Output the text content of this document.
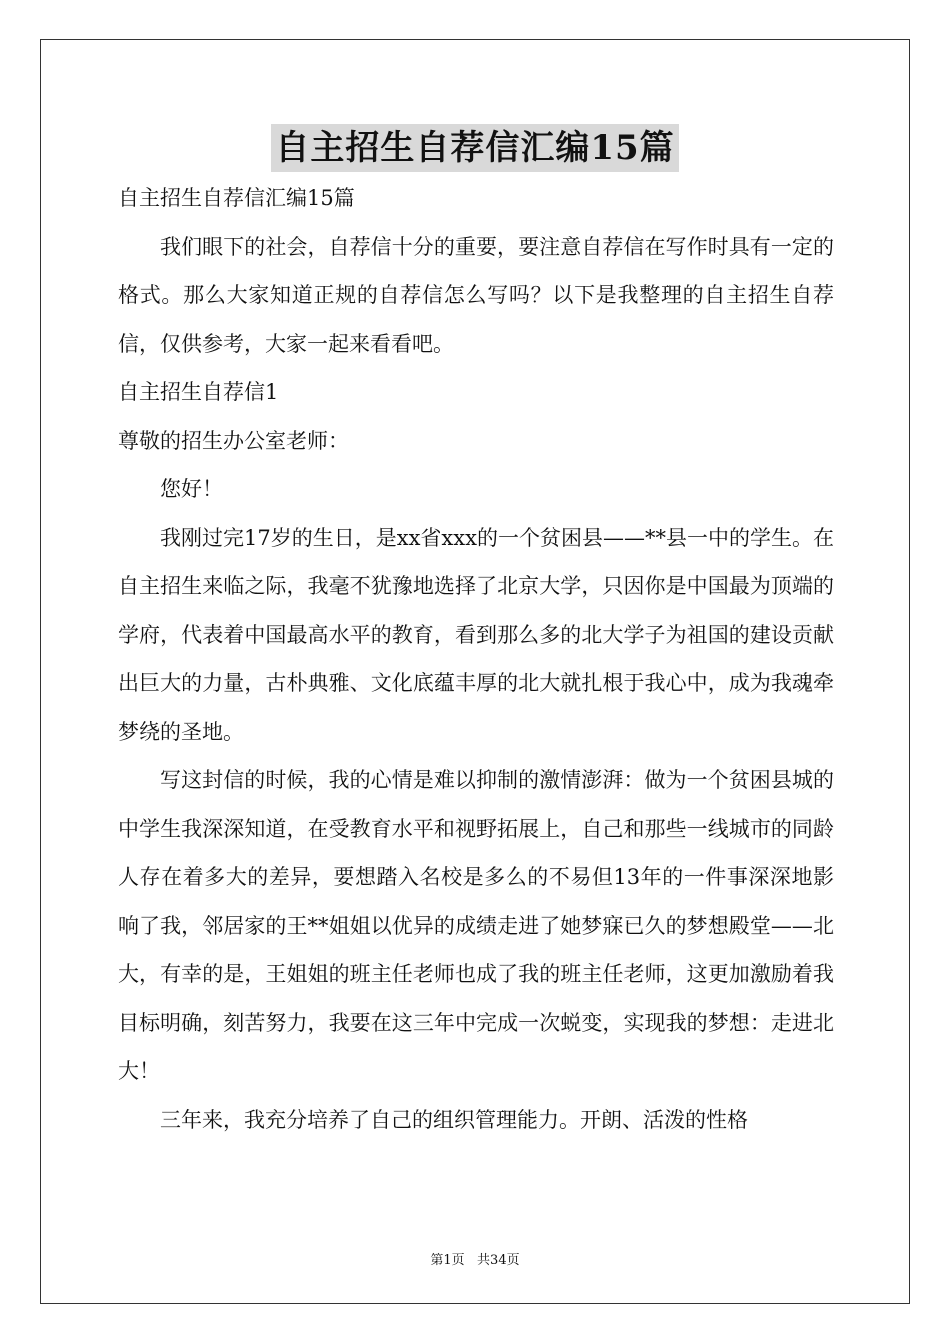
自主招生自荐信汇编15篇

自主招生自荐信汇编15篇

我们眼下的社会，自荐信十分的重要，要注意自荐信在写作时具有一定的格式。那么大家知道正规的自荐信怎么写吗？以下是我整理的自主招生自荐信，仅供参考，大家一起来看看吧。

自主招生自荐信1

尊敬的招生办公室老师：

您好！

我刚过完17岁的生日，是xx省xxx的一个贫困县——**县一中的学生。在自主招生来临之际，我毫不犹豫地选择了北京大学，只因你是中国最为顶端的学府，代表着中国最高水平的教育，看到那么多的北大学子为祖国的建设贡献出巨大的力量，古朴典雅、文化底蕴丰厚的北大就扎根于我心中，成为我魂牵梦绕的圣地。

写这封信的时候，我的心情是难以抑制的激情澎湃：做为一个贫困县城的中学生我深深知道，在受教育水平和视野拓展上，自己和那些一线城市的同龄人存在着多大的差异，要想踏入名校是多么的不易但13年的一件事深深地影响了我，邻居家的王**姐姐以优异的成绩走进了她梦寐已久的梦想殿堂——北大，有幸的是，王姐姐的班主任老师也成了我的班主任老师，这更加激励着我目标明确，刻苦努力，我要在这三年中完成一次蜕变，实现我的梦想：走进北大！

三年来，我充分培养了自己的组织管理能力。开朗、活泼的性格

第1页   共34页
